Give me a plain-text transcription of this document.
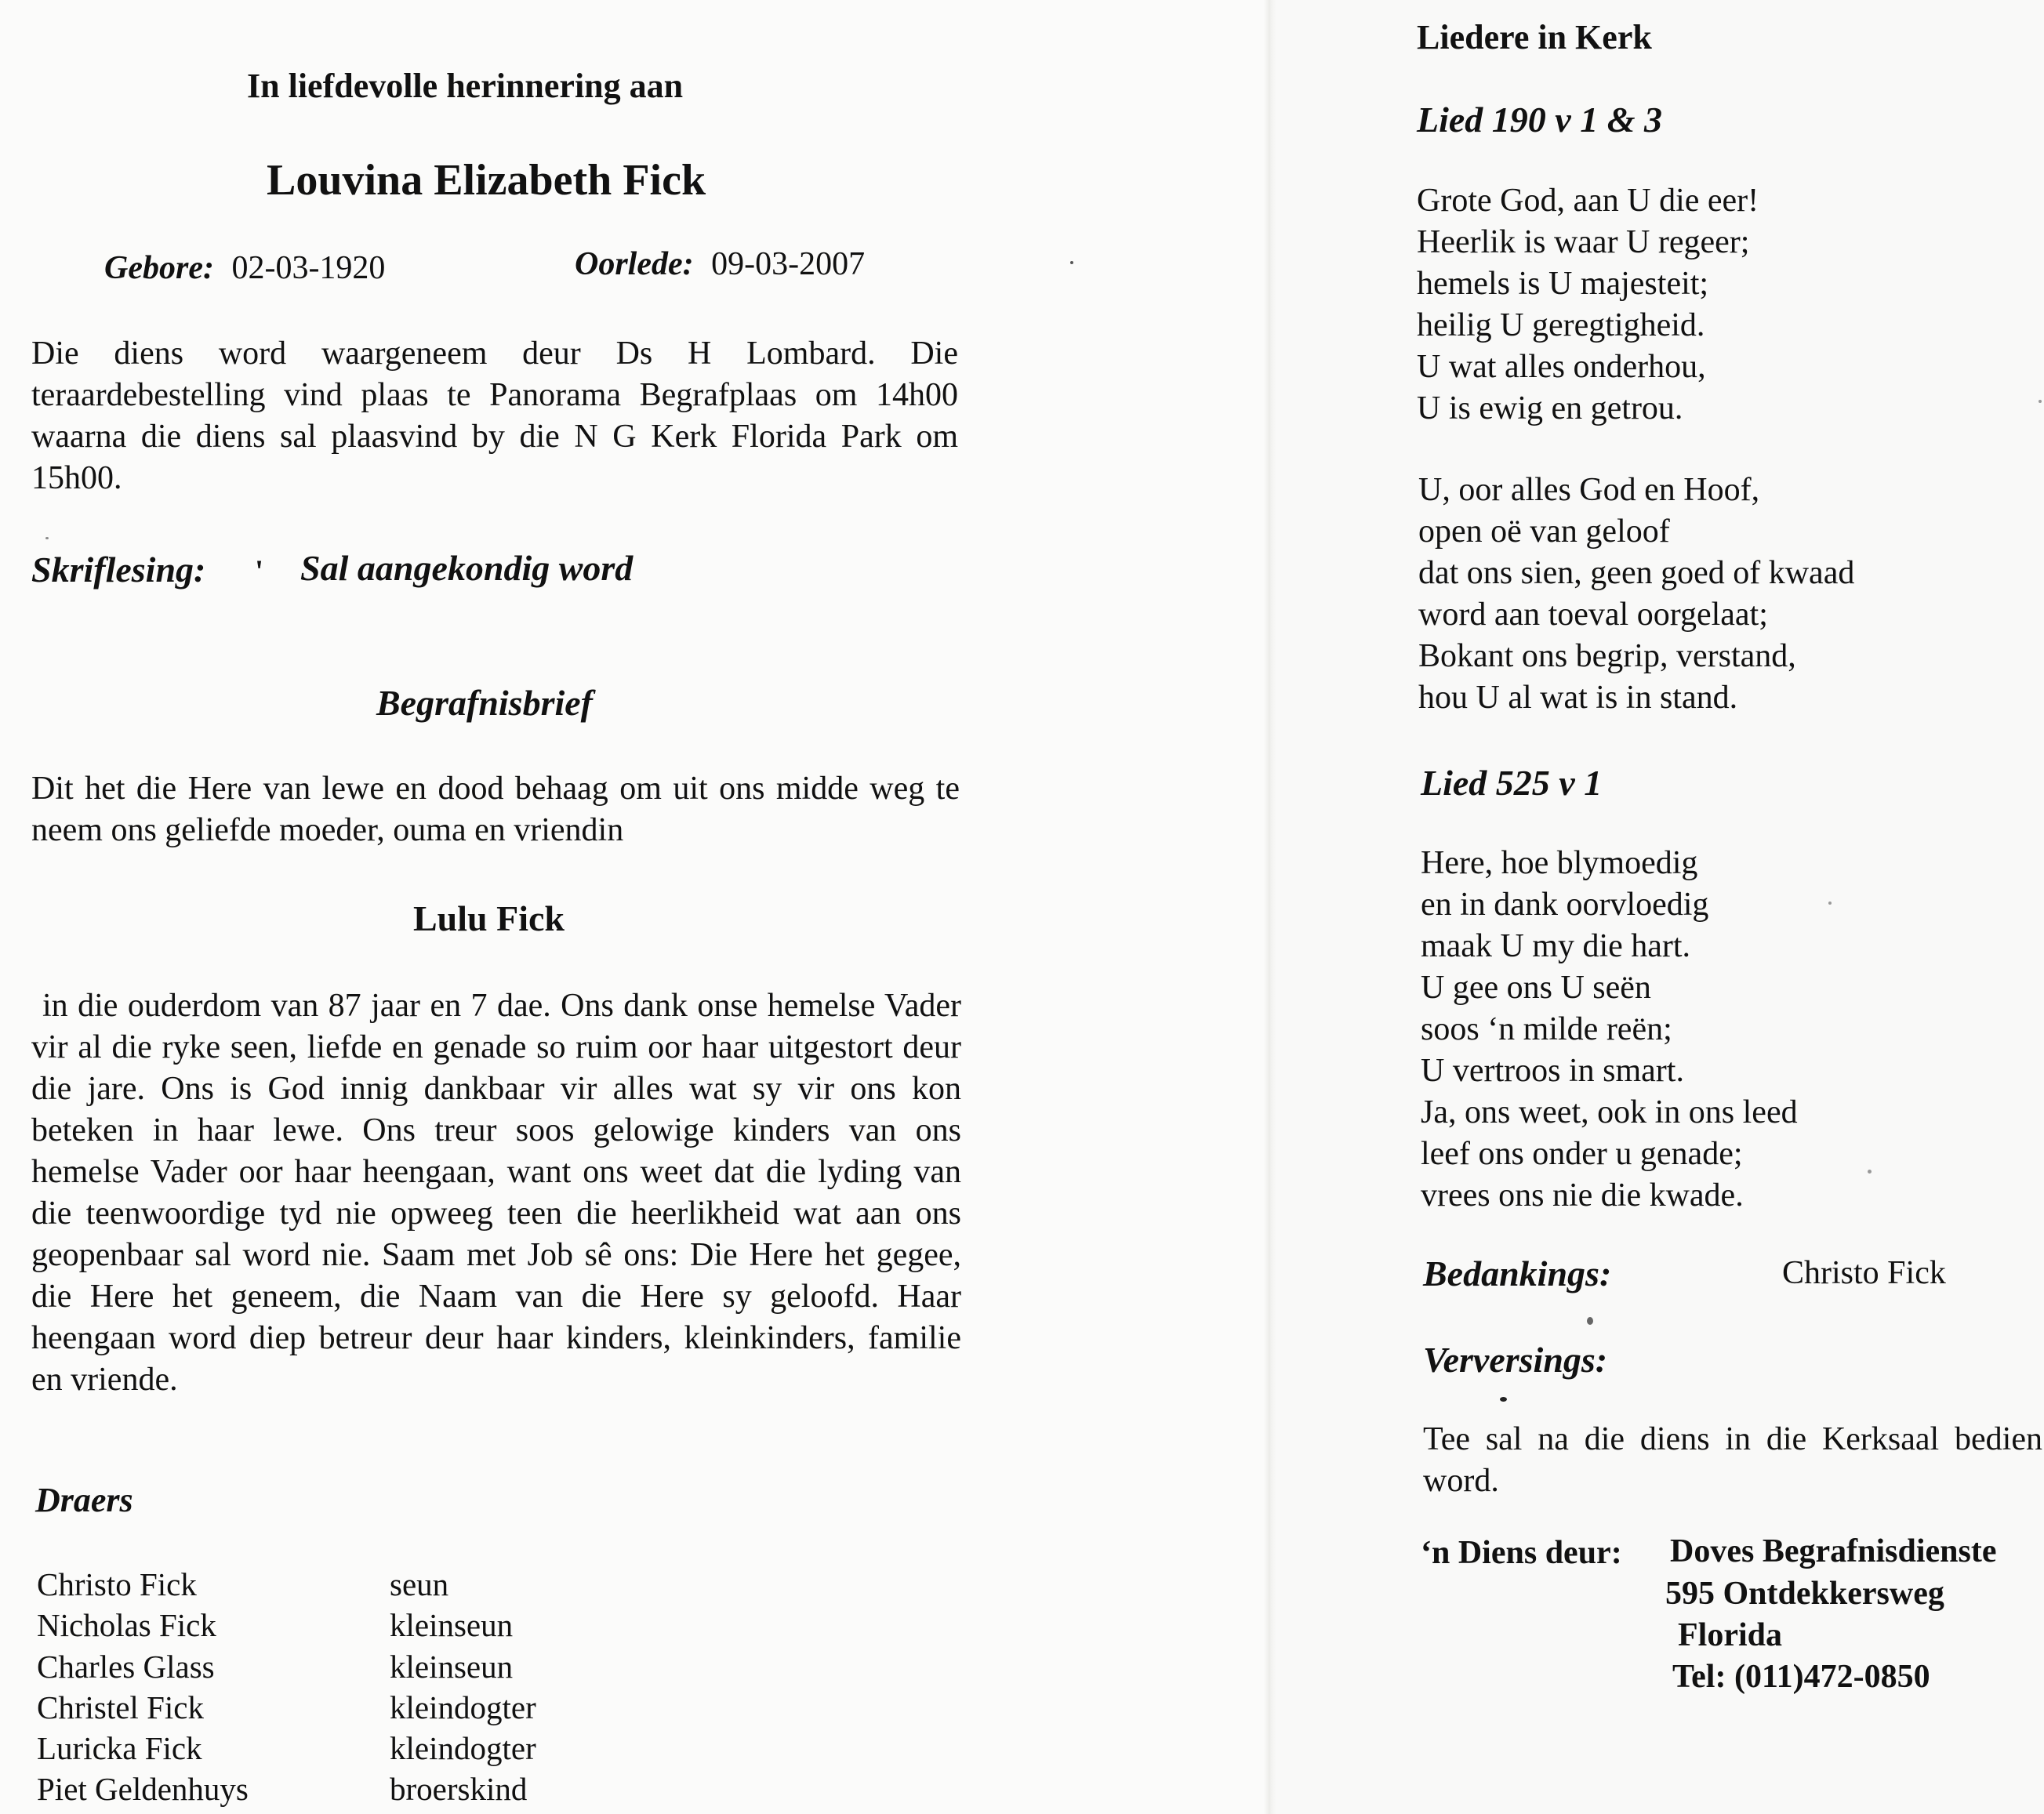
In liefdevolle herinnering aan
Louvina Elizabeth Fick
Gebore: 02-03-1920	Oorlede: 09-03-2007

Die diens word waargeneem deur Ds H Lombard. Die teraardebestelling vind plaas te Panorama Begrafplaas om 14h00 waarna die diens sal plaasvind by die N G Kerk Florida Park om 15h00.

Skriflesing: ' Sal aangekondig word
Begrafnisbrief

Dit het die Here van lewe en dood behaag om uit ons midde weg te neem ons geliefde moeder, ouma en vriendin

Lulu Fick

in die ouderdom van 87 jaar en 7 dae. Ons dank onse hemelse Vader vir al die ryke seen, liefde en genade so ruim oor haar uitgestort deur die jare. Ons is God innig dankbaar vir alles wat sy vir ons kon beteken in haar lewe. Ons treur soos gelowige kinders van ons hemelse Vader oor haar heengaan, want ons weet dat die lyding van die teenwoordige tyd nie opweeg teen die heerlikheid wat aan ons geopenbaar sal word nie. Saam met Job sê ons: Die Here het gegee, die Here het geneem, die Naam van die Here sy geloofd. Haar heengaan word diep betreur deur haar kinders, kleinkinders, familie en vriende.

Draers
Christo Fick	seun
Nicholas Fick	kleinseun
Charles Glass	kleinseun
Christel Fick	kleindogter
Luricka Fick	kleindogter
Piet Geldenhuys	broerskind
Liedere in Kerk
Lied 190 v 1 & 3
Grote God, aan U die eer!
Heerlik is waar U regeer;
hemels is U majesteit;
heilig U geregtigheid.
U wat alles onderhou,
U is ewig en getrou.
U, oor alles God en Hoof,
open oë van geloof
dat ons sien, geen goed of kwaad
word aan toeval oorgelaat;
Bokant ons begrip, verstand,
hou U al wat is in stand.
Lied 525 v 1
Here, hoe blymoedig
en in dank oorvloedig
maak U my die hart.
U gee ons U seën
soos ‘n milde reën;
U vertroos in smart.
Ja, ons weet, ook in ons leed
leef ons onder u genade;
vrees ons nie die kwade.
Bedankings:	Christo Fick
Verversings:

Tee sal na die diens in die Kerksaal bedien word.

‘n Diens deur: Doves Begrafnisdienste
595 Ontdekkersweg
Florida
Tel: (011)472-0850
